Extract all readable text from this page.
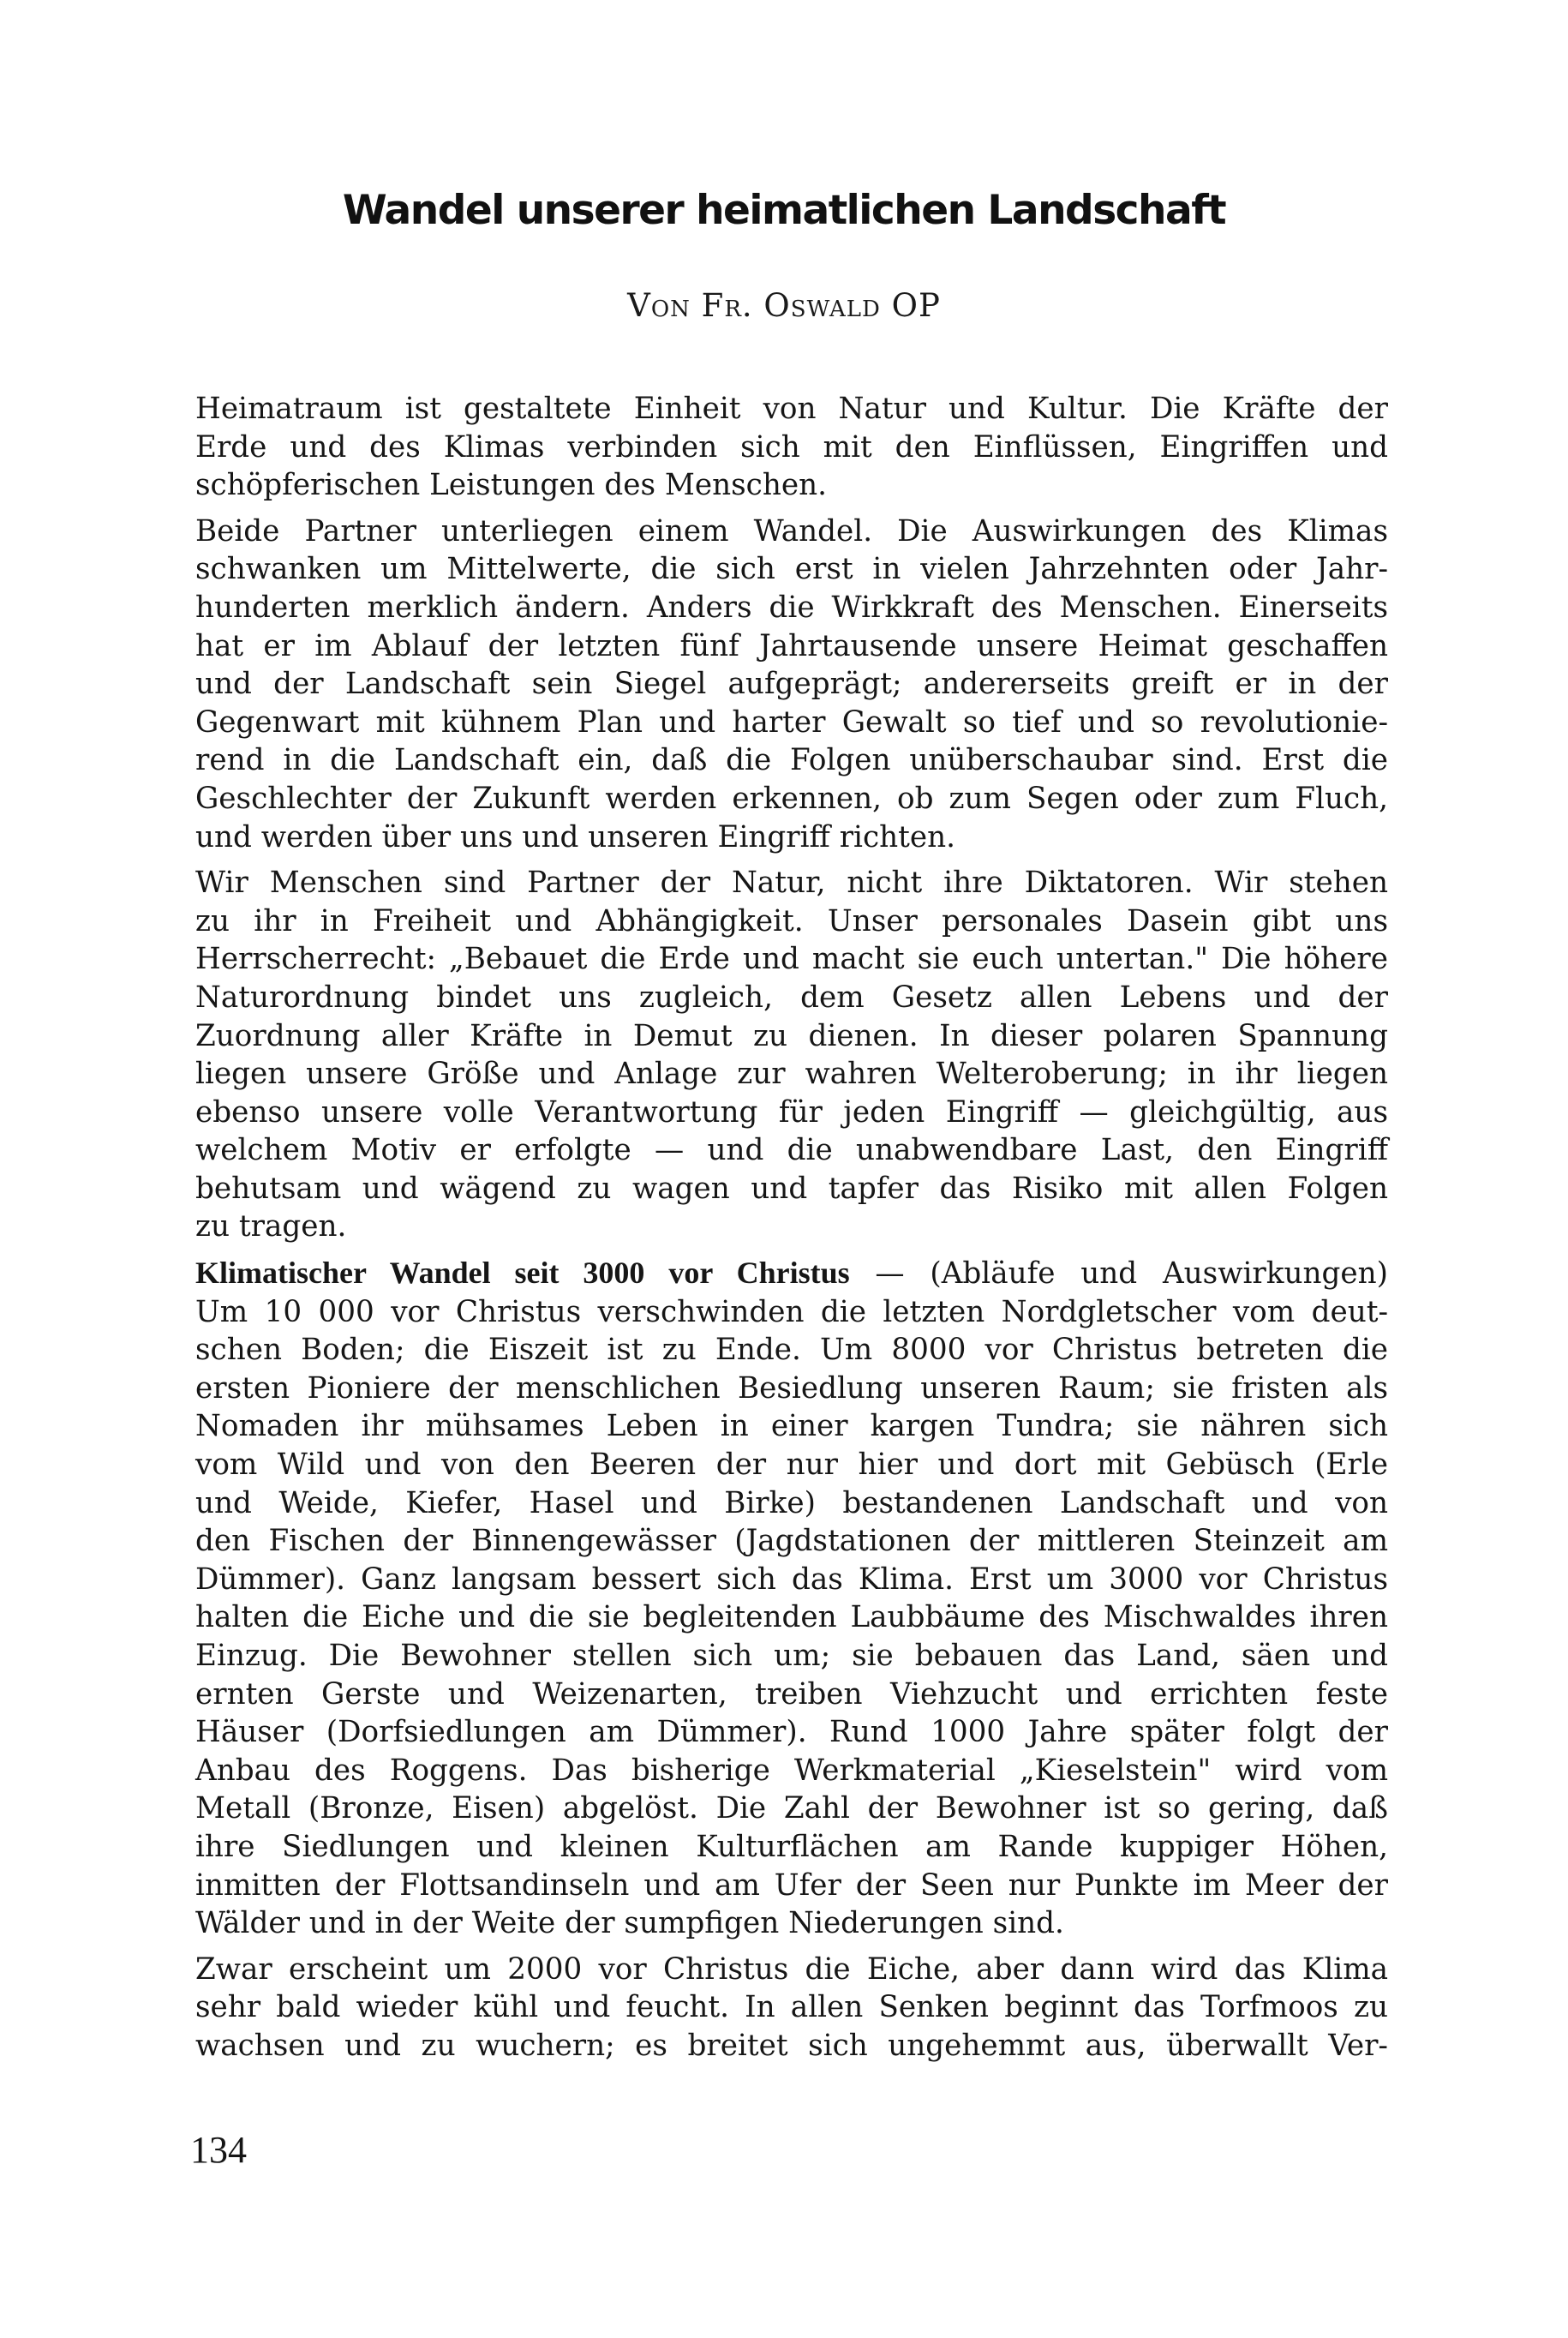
Wandel unserer heimatlichen Landschaft

Von Fr. Oswald OP

Heimatraum ist gestaltete Einheit von Natur und Kultur. Die Kräfte der
Erde und des Klimas verbinden sich mit den Einflüssen, Eingriffen und
schöpferischen Leistungen des Menschen.

Beide Partner unterliegen einem Wandel. Die Auswirkungen des Klimas
schwanken um Mittelwerte, die sich erst in vielen Jahrzehnten oder Jahr-
hunderten merklich ändern. Anders die Wirkkraft des Menschen. Einerseits
hat er im Ablauf der letzten fünf Jahrtausende unsere Heimat geschaffen
und der Landschaft sein Siegel aufgeprägt; andererseits greift er in der
Gegenwart mit kühnem Plan und harter Gewalt so tief und so revolutionie-
rend in die Landschaft ein, daß die Folgen unüberschaubar sind. Erst die
Geschlechter der Zukunft werden erkennen, ob zum Segen oder zum Fluch,
und werden über uns und unseren Eingriff richten.

Wir Menschen sind Partner der Natur, nicht ihre Diktatoren. Wir stehen
zu ihr in Freiheit und Abhängigkeit. Unser personales Dasein gibt uns
Herrscherrecht: „Bebauet die Erde und macht sie euch untertan." Die höhere
Naturordnung bindet uns zugleich, dem Gesetz allen Lebens und der
Zuordnung aller Kräfte in Demut zu dienen. In dieser polaren Spannung
liegen unsere Größe und Anlage zur wahren Welteroberung; in ihr liegen
ebenso unsere volle Verantwortung für jeden Eingriff — gleichgültig, aus
welchem Motiv er erfolgte — und die unabwendbare Last, den Eingriff
behutsam und wägend zu wagen und tapfer das Risiko mit allen Folgen
zu tragen.

Klimatischer Wandel seit 3000 vor Christus — (Abläufe und Auswirkungen)
Um 10 000 vor Christus verschwinden die letzten Nordgletscher vom deut-
schen Boden; die Eiszeit ist zu Ende. Um 8000 vor Christus betreten die
ersten Pioniere der menschlichen Besiedlung unseren Raum; sie fristen als
Nomaden ihr mühsames Leben in einer kargen Tundra; sie nähren sich
vom Wild und von den Beeren der nur hier und dort mit Gebüsch (Erle
und Weide, Kiefer, Hasel und Birke) bestandenen Landschaft und von
den Fischen der Binnengewässer (Jagdstationen der mittleren Steinzeit am
Dümmer). Ganz langsam bessert sich das Klima. Erst um 3000 vor Christus
halten die Eiche und die sie begleitenden Laubbäume des Mischwaldes ihren
Einzug. Die Bewohner stellen sich um; sie bebauen das Land, säen und
ernten Gerste und Weizenarten, treiben Viehzucht und errichten feste
Häuser (Dorfsiedlungen am Dümmer). Rund 1000 Jahre später folgt der
Anbau des Roggens. Das bisherige Werkmaterial „Kieselstein" wird vom
Metall (Bronze, Eisen) abgelöst. Die Zahl der Bewohner ist so gering, daß
ihre Siedlungen und kleinen Kulturflächen am Rande kuppiger Höhen,
inmitten der Flottsandinseln und am Ufer der Seen nur Punkte im Meer der
Wälder und in der Weite der sumpfigen Niederungen sind.

Zwar erscheint um 2000 vor Christus die Eiche, aber dann wird das Klima
sehr bald wieder kühl und feucht. In allen Senken beginnt das Torfmoos zu
wachsen und zu wuchern; es breitet sich ungehemmt aus, überwallt Ver-

134
